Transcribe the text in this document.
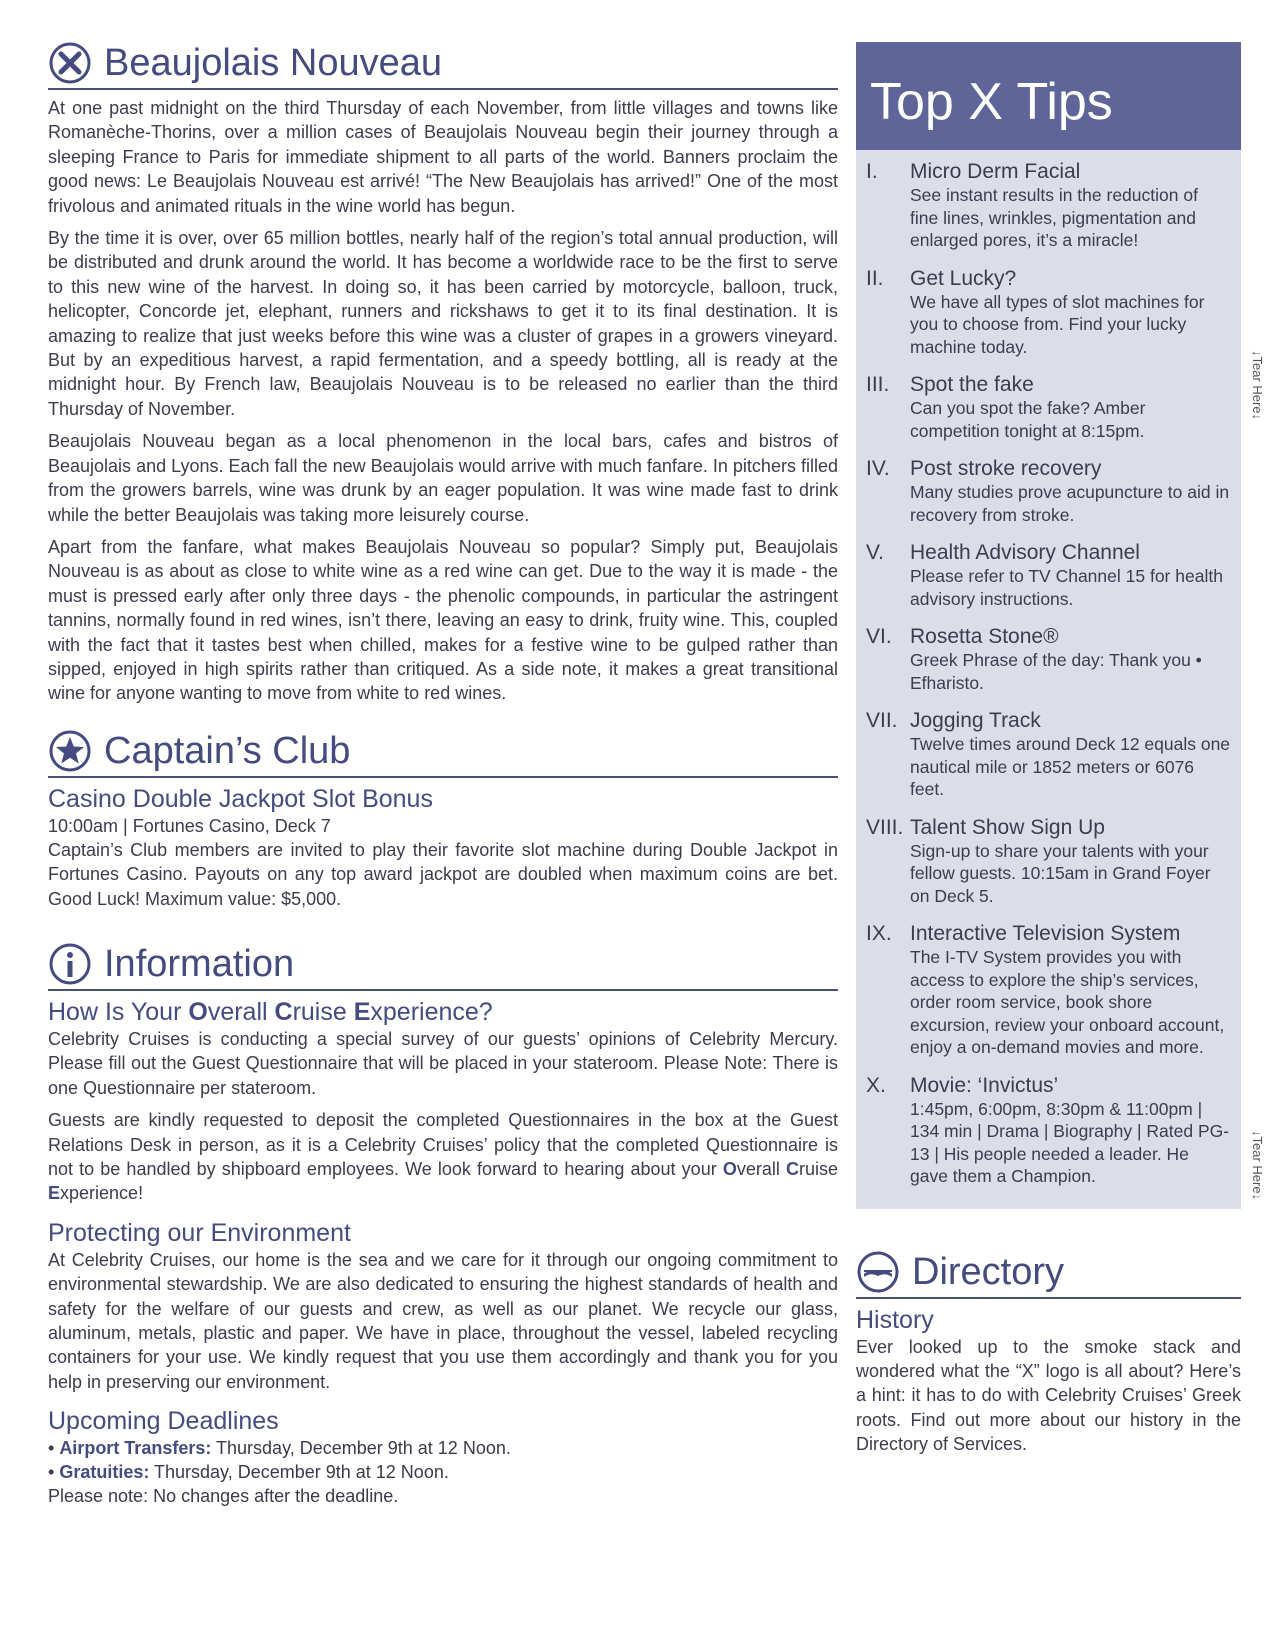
Beaujolais Nouveau

At one past midnight on the third Thursday of each November, from little villages and towns like Romanèche-Thorins, over a million cases of Beaujolais Nouveau begin their journey through a sleeping France to Paris for immediate shipment to all parts of the world. Banners proclaim the good news: Le Beaujolais Nouveau est arrivé! “The New Beaujolais has arrived!” One of the most frivolous and animated rituals in the wine world has begun.

By the time it is over, over 65 million bottles, nearly half of the region’s total annual production, will be distributed and drunk around the world. It has become a worldwide race to be the first to serve to this new wine of the harvest. In doing so, it has been carried by motorcycle, balloon, truck, helicopter, Concorde jet, elephant, runners and rickshaws to get it to its final destination. It is amazing to realize that just weeks before this wine was a cluster of grapes in a growers vineyard. But by an expeditious harvest, a rapid fermentation, and a speedy bottling, all is ready at the midnight hour. By French law, Beaujolais Nouveau is to be released no earlier than the third Thursday of November.

Beaujolais Nouveau began as a local phenomenon in the local bars, cafes and bistros of Beaujolais and Lyons. Each fall the new Beaujolais would arrive with much fanfare. In pitchers filled from the growers barrels, wine was drunk by an eager population. It was wine made fast to drink while the better Beaujolais was taking more leisurely course.

Apart from the fanfare, what makes Beaujolais Nouveau so popular? Simply put, Beaujolais Nouveau is as about as close to white wine as a red wine can get. Due to the way it is made - the must is pressed early after only three days - the phenolic compounds, in particular the astringent tannins, normally found in red wines, isn’t there, leaving an easy to drink, fruity wine. This, coupled with the fact that it tastes best when chilled, makes for a festive wine to be gulped rather than sipped, enjoyed in high spirits rather than critiqued. As a side note, it makes a great transitional wine for anyone wanting to move from white to red wines.

Captain’s Club
Casino Double Jackpot Slot Bonus
10:00am | Fortunes Casino, Deck 7

Captain’s Club members are invited to play their favorite slot machine during Double Jackpot in Fortunes Casino. Payouts on any top award jackpot are doubled when maximum coins are bet. Good Luck! Maximum value: $5,000.

Information
How Is Your Overall Cruise Experience?

Celebrity Cruises is conducting a special survey of our guests’ opinions of Celebrity Mercury. Please fill out the Guest Questionnaire that will be placed in your stateroom. Please Note: There is one Questionnaire per stateroom.

Guests are kindly requested to deposit the completed Questionnaires in the box at the Guest Relations Desk in person, as it is a Celebrity Cruises’ policy that the completed Questionnaire is not to be handled by shipboard employees. We look forward to hearing about your Overall Cruise Experience!

Protecting our Environment

At Celebrity Cruises, our home is the sea and we care for it through our ongoing commitment to environmental stewardship. We are also dedicated to ensuring the highest standards of health and safety for the welfare of our guests and crew, as well as our planet. We recycle our glass, aluminum, metals, plastic and paper. We have in place, throughout the vessel, labeled recycling containers for your use. We kindly request that you use them accordingly and thank you for you help in preserving our environment.

Upcoming Deadlines
• Airport Transfers: Thursday, December 9th at 12 Noon.
• Gratuities: Thursday, December 9th at 12 Noon.
Please note: No changes after the deadline.
Top X Tips
I.	Micro Derm Facial
See instant results in the reduction of fine lines, wrinkles, pigmentation and enlarged pores, it’s a miracle!
II.	Get Lucky?
We have all types of slot machines for you to choose from. Find your lucky machine today.
III. Spot the fake
Can you spot the fake? Amber competition tonight at 8:15pm.
IV. Post stroke recovery
Many studies prove acupuncture to aid in recovery from stroke.
V.	Health Advisory Channel
Please refer to TV Channel 15 for health advisory instructions.
VI. Rosetta Stone®
Greek Phrase of the day: Thank you • Efharisto.
VII. Jogging Track
Twelve times around Deck 12 equals one nautical mile or 1852 meters or 6076 feet.
VIII. Talent Show Sign Up
Sign-up to share your talents with your fellow guests. 10:15am in Grand Foyer on Deck 5.
IX. Interactive Television System
The I-TV System provides you with access to explore the ship’s services, order room service, book shore excursion, review your onboard account, enjoy a on-demand movies and more.
X.	Movie: ‘Invictus’
1:45pm, 6:00pm, 8:30pm & 11:00pm | 134 min | Drama | Biography | Rated PG-13 | His people needed a leader. He gave them a Champion.
Directory
History

Ever looked up to the smoke stack and wondered what the “X” logo is all about? Here’s a hint: it has to do with Celebrity Cruises’ Greek roots. Find out more about our history in the Directory of Services.

↓Tear Here↓
↓Tear Here↓
